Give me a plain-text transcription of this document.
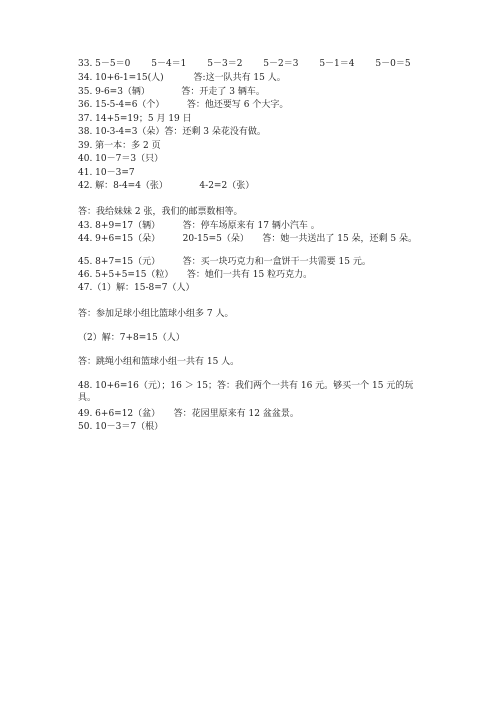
33. 5－5＝0　　 5－4＝1　　 5－3＝2　　 5－2＝3　　 5－1＝4　　 5－0＝5
34. 10+6-1=15(人)　　　 答:这一队共有 15 人。
35. 9-6=3（辆）　　　　答：开走了 3 辆车。
36. 15-5-4=6（个）　　　答：他还要写 6 个大字。
37. 14+5=19；5 月 19 日
38. 10-3-4=3（朵）答：还剩 3 朵花没有做。
39. 第一本：多 2 页
40. 10－7＝3（只）
41. 10－3=7
42. 解：8-4=4（张）　　　　4-2=2（张）
答：我给妹妹 2 张，我们的邮票数相等。
43. 8+9=17（辆）　　　答：停车场原来有 17 辆小汽车 。
44. 9+6=15（朵）　　　20-15=5（朵）　　答：她一共送出了 15 朵，还剩 5 朵。
45. 8+7=15（元）　　　答：买一块巧克力和一盒饼干一共需要 15 元。
46. 5+5+5=15（粒）　　答：她们一共有 15 粒巧克力。
47.（1）解：15-8=7（人）
答：参加足球小组比篮球小组多 7 人。
（2）解：7+8=15（人）
答：跳绳小组和篮球小组一共有 15 人。
48. 10+6=16（元）；16 ＞ 15；答：我们两个一共有 16 元。够买一个 15 元的玩具。
49. 6+6=12（盆）　　答：花园里原来有 12 盆盆景。
50. 10－3＝7（根）
